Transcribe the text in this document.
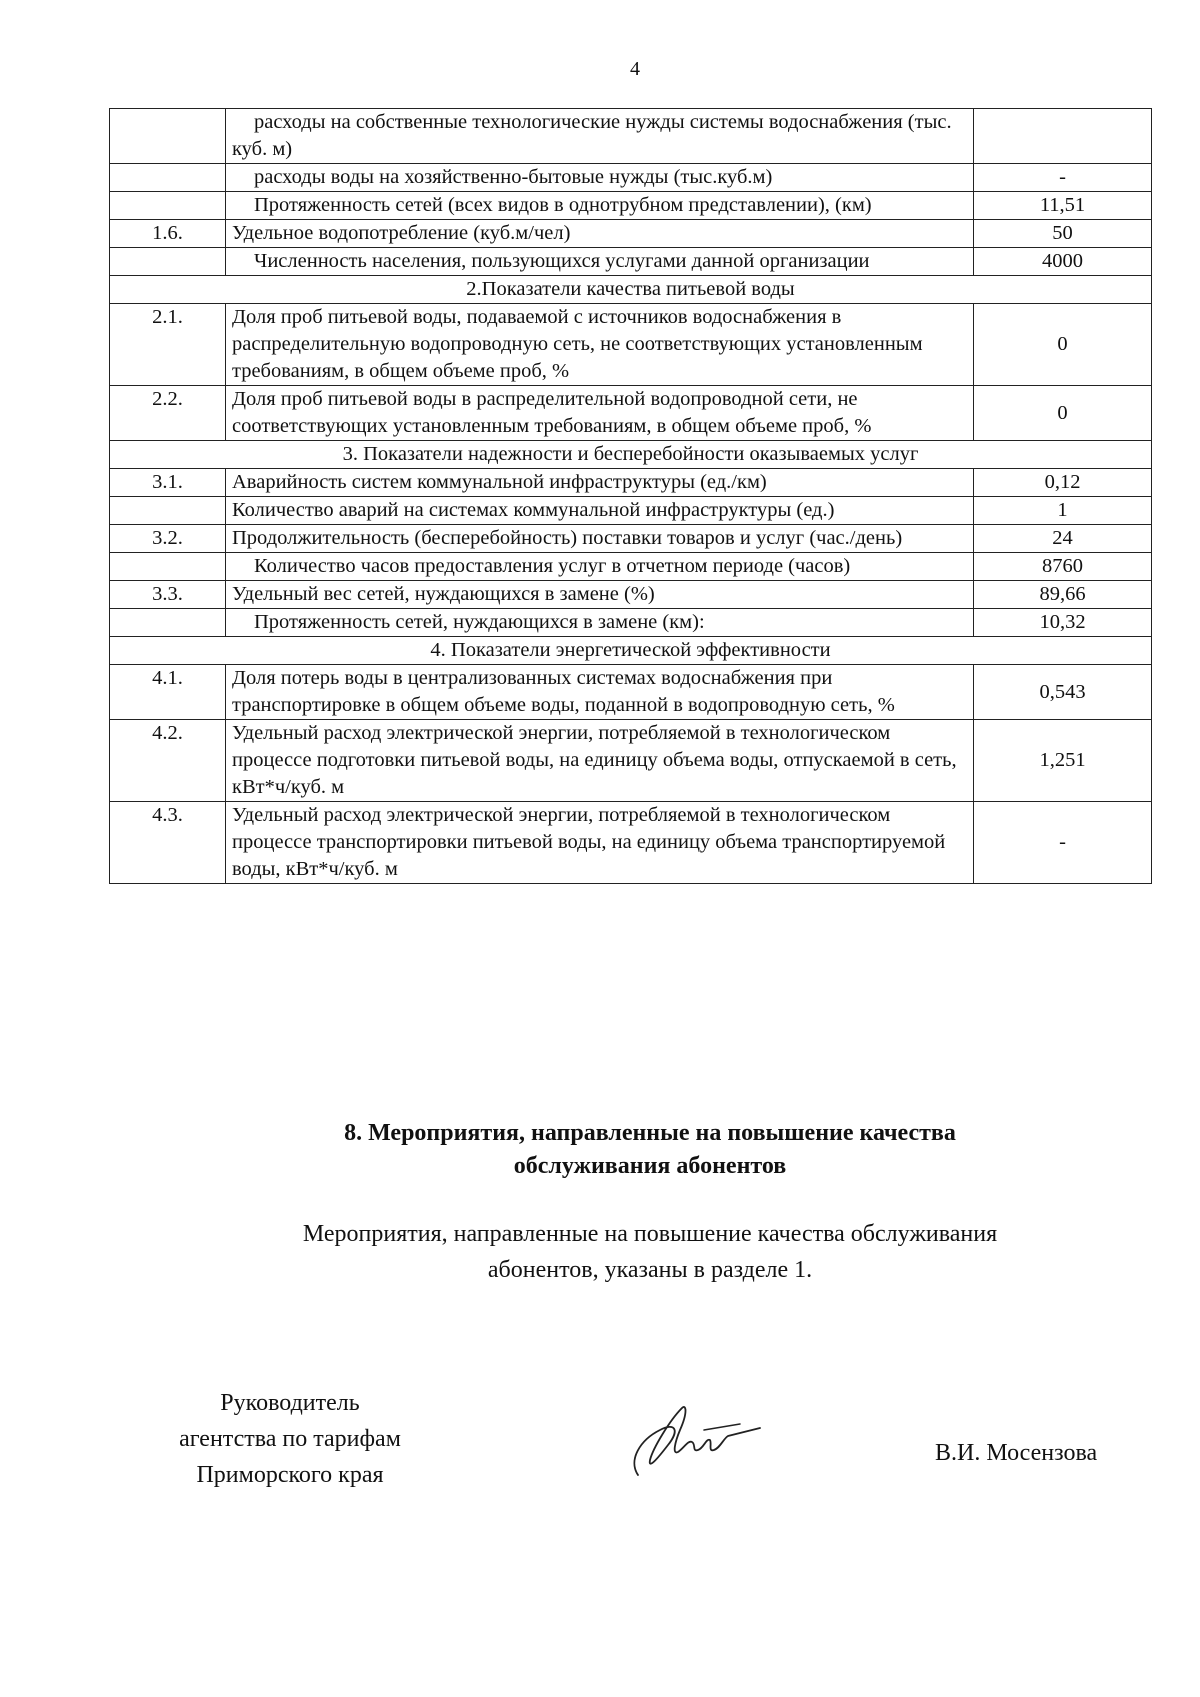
4
	расходы на собственные технологические нужды системы водоснабжения (тыс. куб. м)	
	расходы воды на хозяйственно-бытовые нужды (тыс.куб.м)	-
	Протяженность сетей (всех видов в однотрубном представлении), (км)	11,51
1.6.	Удельное водопотребление (куб.м/чел)	50
	Численность населения, пользующихся услугами данной организации	4000
2.Показатели качества питьевой воды		
2.1.	Доля проб питьевой воды, подаваемой с источников водоснабжения в распределительную водопроводную сеть, не соответствующих установленным требованиям, в общем объеме проб, %	0
2.2.	Доля проб питьевой воды в распределительной водопроводной сети, не соответствующих установленным требованиям, в общем объеме проб, %	0
3. Показатели надежности и бесперебойности оказываемых услуг		
3.1.	Аварийность систем коммунальной инфраструктуры (ед./км)	0,12
	Количество аварий на системах коммунальной инфраструктуры (ед.)	1
3.2.	Продолжительность (бесперебойность) поставки товаров и услуг (час./день)	24
	Количество часов предоставления услуг в отчетном периоде (часов)	8760
3.3.	Удельный вес сетей, нуждающихся в замене (%)	89,66
	Протяженность сетей, нуждающихся в замене (км):	10,32
4. Показатели энергетической эффективности		
4.1.	Доля потерь воды в централизованных системах водоснабжения при транспортировке в общем объеме воды, поданной в водопроводную сеть, %	0,543
4.2.	Удельный расход электрической энергии, потребляемой в технологическом процессе подготовки питьевой воды, на единицу объема воды, отпускаемой в сеть, кВт*ч/куб. м	1,251
4.3.	Удельный расход электрической энергии, потребляемой в технологическом процессе транспортировки питьевой воды, на единицу объема транспортируемой воды, кВт*ч/куб. м	-
8. Мероприятия, направленные на повышение качества
обслуживания абонентов
Мероприятия, направленные на повышение качества обслуживания
абонентов, указаны в разделе 1.
Руководитель
агентства по тарифам
Приморского края
В.И. Мосензова
